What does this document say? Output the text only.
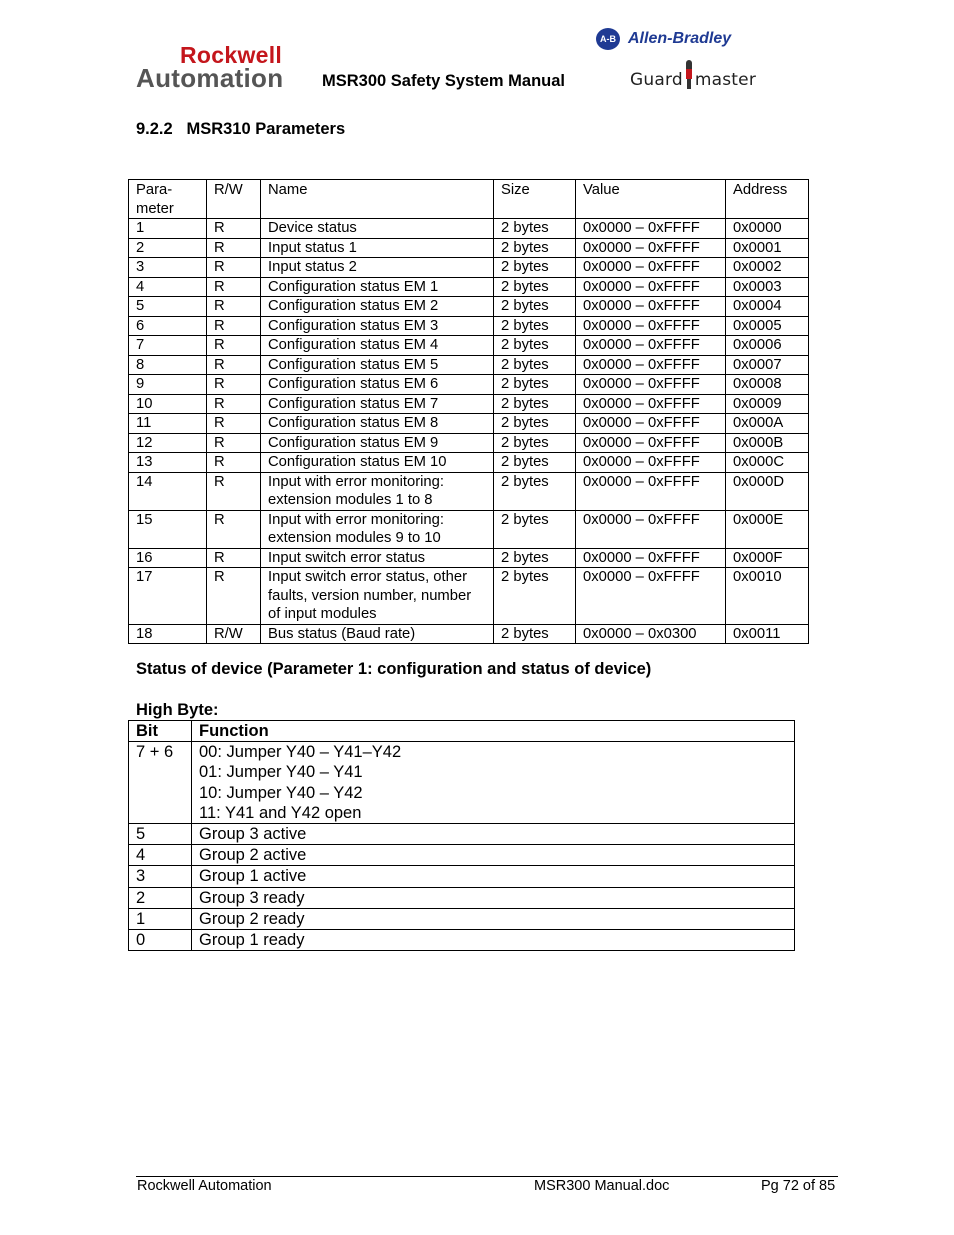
Rockwell
Automation	MSR300 Safety System Manual
A-B Allen-Bradley
Guard master
9.2.2 MSR310 Parameters
Para- meter	R/W	Name	Size	Value	Address
1	R	Device status	2 bytes	0x0000 – 0xFFFF	0x0000
2	R	Input status 1	2 bytes	0x0000 – 0xFFFF	0x0001
3	R	Input status 2	2 bytes	0x0000 – 0xFFFF	0x0002
4	R	Configuration status EM 1	2 bytes	0x0000 – 0xFFFF	0x0003
5	R	Configuration status EM 2	2 bytes	0x0000 – 0xFFFF	0x0004
6	R	Configuration status EM 3	2 bytes	0x0000 – 0xFFFF	0x0005
7	R	Configuration status EM 4	2 bytes	0x0000 – 0xFFFF	0x0006
8	R	Configuration status EM 5	2 bytes	0x0000 – 0xFFFF	0x0007
9	R	Configuration status EM 6	2 bytes	0x0000 – 0xFFFF	0x0008
10	R	Configuration status EM 7	2 bytes	0x0000 – 0xFFFF	0x0009
11	R	Configuration status EM 8	2 bytes	0x0000 – 0xFFFF	0x000A
12	R	Configuration status EM 9	2 bytes	0x0000 – 0xFFFF	0x000B
13	R	Configuration status EM 10	2 bytes	0x0000 – 0xFFFF	0x000C
14	R	Input with error monitoring: extension modules 1 to 8	2 bytes	0x0000 – 0xFFFF	0x000D
15	R	Input with error monitoring: extension modules 9 to 10	2 bytes	0x0000 – 0xFFFF	0x000E
16	R	Input switch error status	2 bytes	0x0000 – 0xFFFF	0x000F
17	R	Input switch error status, other faults, version number, number of input modules	2 bytes	0x0000 – 0xFFFF	0x0010
18	R/W	Bus status (Baud rate)	2 bytes	0x0000 – 0x0300	0x0011
Status of device (Parameter 1: configuration and status of device)
High Byte:
Bit	Function
7 + 6	00: Jumper Y40 – Y41–Y42
01: Jumper Y40 – Y41
10: Jumper Y40 – Y42
11: Y41 and Y42 open
5	Group 3 active
4	Group 2 active
3	Group 1 active
2	Group 3 ready
1	Group 2 ready
0	Group 1 ready
Rockwell Automation	MSR300 Manual.doc	Pg 72 of 85
